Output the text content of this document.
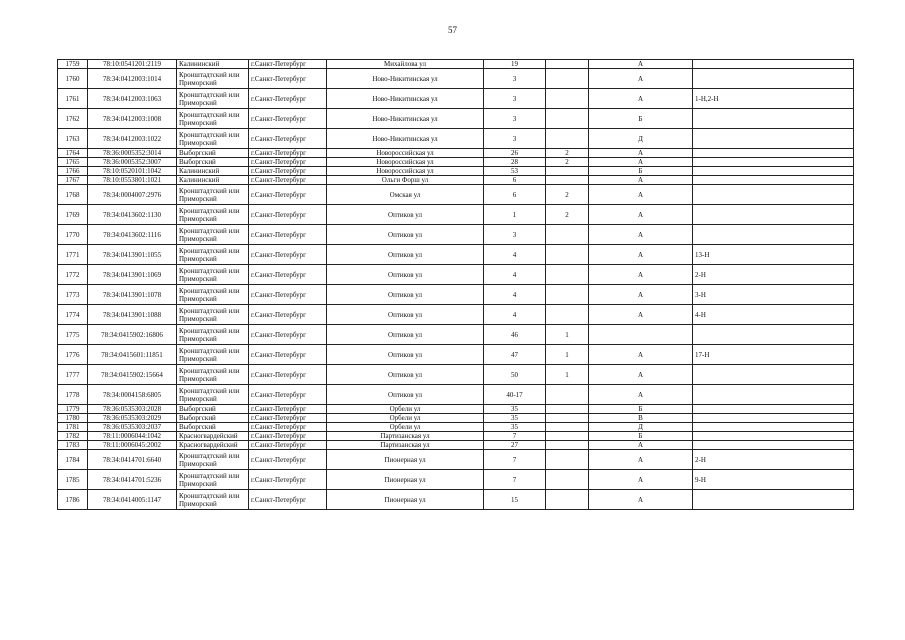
57
1759	78:10:0541201:2119	Калининский	г.Санкт-Петербург	Михайлова ул	19		А	
1760	78:34:0412003:1014	Кронштадтский или Приморский	г.Санкт-Петербург	Ново-Никитинская ул	3		А	
1761	78:34:0412003:1063	Кронштадтский или Приморский	г.Санкт-Петербург	Ново-Никитинская ул	3		А	1-Н,2-Н
1762	78:34:0412003:1008	Кронштадтский или Приморский	г.Санкт-Петербург	Ново-Никитинская ул	3		Б	
1763	78:34:0412003:1022	Кронштадтский или Приморский	г.Санкт-Петербург	Ново-Никитинская ул	3		Д	
1764	78:36:0005352:3014	Выборгский	г.Санкт-Петербург	Новороссийская ул	26	2	А	
1765	78:36:0005352:3007	Выборгский	г.Санкт-Петербург	Новороссийская ул	28	2	А	
1766	78:10:0520101:1042	Калининский	г.Санкт-Петербург	Новороссийская ул	53		Б	
1767	78:10:0553801:1021	Калининский	г.Санкт-Петербург	Ольги Форш ул	6		А	
1768	78:34:0004007:2976	Кронштадтский или Приморский	г.Санкт-Петербург	Омская ул	6	2	А	
1769	78:34:0413602:1130	Кронштадтский или Приморский	г.Санкт-Петербург	Оптиков ул	1	2	А	
1770	78:34:0413602:1116	Кронштадтский или Приморский	г.Санкт-Петербург	Оптиков ул	3		А	
1771	78:34:0413901:1055	Кронштадтский или Приморский	г.Санкт-Петербург	Оптиков ул	4		А	13-Н
1772	78:34:0413901:1069	Кронштадтский или Приморский	г.Санкт-Петербург	Оптиков ул	4		А	2-Н
1773	78:34:0413901:1078	Кронштадтский или Приморский	г.Санкт-Петербург	Оптиков ул	4		А	3-Н
1774	78:34:0413901:1088	Кронштадтский или Приморский	г.Санкт-Петербург	Оптиков ул	4		А	4-Н
1775	78:34:0415902:16806	Кронштадтский или Приморский	г.Санкт-Петербург	Оптиков ул	46	1		
1776	78:34:0415601:11851	Кронштадтский или Приморский	г.Санкт-Петербург	Оптиков ул	47	1	А	17-Н
1777	78:34:0415902:15664	Кронштадтский или Приморский	г.Санкт-Петербург	Оптиков ул	50	1	А	
1778	78:34:0004158:6805	Кронштадтский или Приморский	г.Санкт-Петербург	Оптиков ул	40-17		А	
1779	78:36:0535303:2028	Выборгский	г.Санкт-Петербург	Орбели ул	35		Б	
1780	78:36:0535303:2029	Выборгский	г.Санкт-Петербург	Орбели ул	35		В	
1781	78:36:0535303:2037	Выборгский	г.Санкт-Петербург	Орбели ул	35		Д	
1782	78:11:0006044:1042	Красногвардейский	г.Санкт-Петербург	Партизанская ул	7		Б	
1783	78:11:0006045:2002	Красногвардейский	г.Санкт-Петербург	Партизанская ул	27		А	
1784	78:34:0414701:6640	Кронштадтский или Приморский	г.Санкт-Петербург	Пионерная ул	7		А	2-Н
1785	78:34:0414701:5236	Кронштадтский или Приморский	г.Санкт-Петербург	Пионерная ул	7		А	9-Н
1786	78:34:0414005:1147	Кронштадтский или Приморский	г.Санкт-Петербург	Пионерная ул	15		А	
